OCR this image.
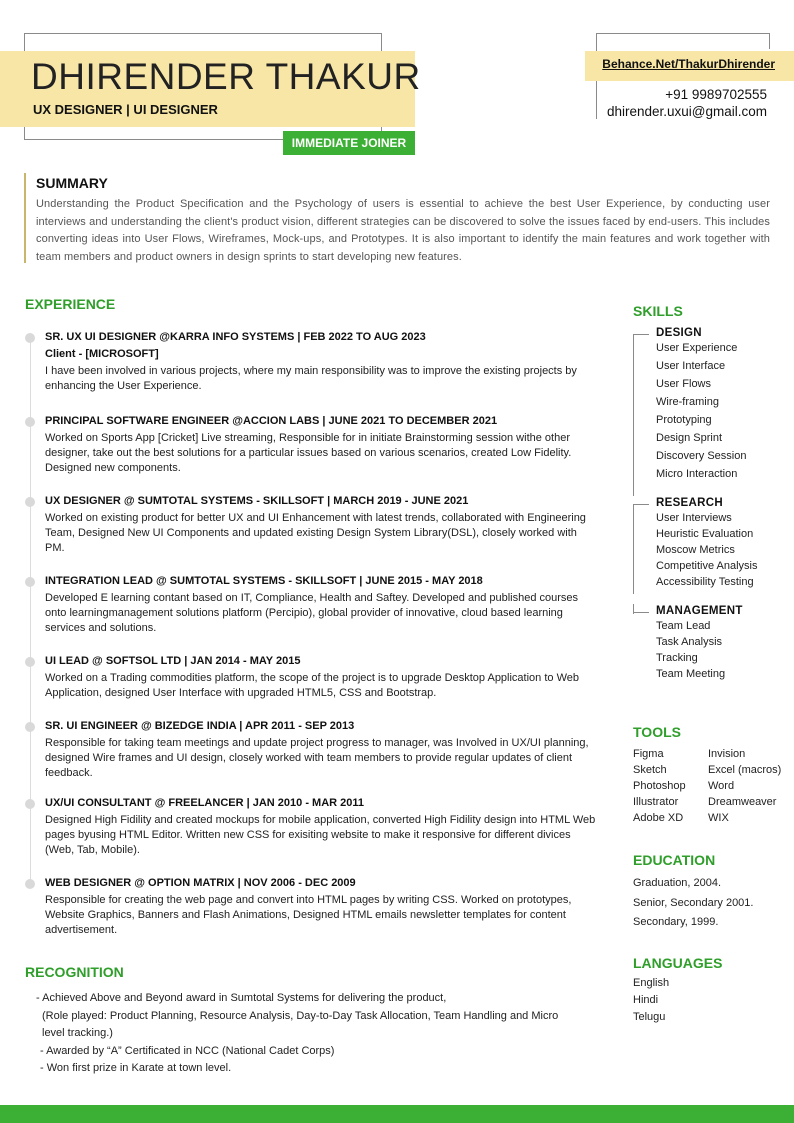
DHIRENDER THAKUR
UX DESIGNER | UI DESIGNER
IMMEDIATE JOINER
Behance.Net/ThakurDhirender
+91 9989702555
dhirender.uxui@gmail.com
SUMMARY

Understanding the Product Specification and the Psychology of users is essential to achieve the best User Experience, by conducting user interviews and understanding the client's product vision, different strategies can be discovered to solve the issues faced by end-users. This includes converting ideas into User Flows, Wireframes, Mock-ups, and Prototypes. It is also important to identify the main features and work together with team members and product owners in design sprints to start developing new features.

EXPERIENCE
SR. UX UI DESIGNER @KARRA INFO SYSTEMS | FEB 2022 TO AUG 2023
Client - [MICROSOFT]
I have been involved in various projects, where my main responsibility was to improve the existing projects by enhancing the User Experience.
PRINCIPAL SOFTWARE ENGINEER @ACCION LABS | JUNE 2021 TO DECEMBER 2021
Worked on Sports App [Cricket] Live streaming, Responsible for in initiate Brainstorming session withe other designer, take out the best solutions for a particular issues based on various scenarios, created Low Fidelity. Designed new components.
UX DESIGNER @ SUMTOTAL SYSTEMS - SKILLSOFT | MARCH 2019 - JUNE 2021
Worked on existing product for better UX and UI Enhancement with latest trends, collaborated with Engineering Team, Designed New UI Components and updated existing Design System Library(DSL), closely worked with PM.
INTEGRATION LEAD @ SUMTOTAL SYSTEMS - SKILLSOFT | JUNE 2015 - MAY 2018
Developed E learning contant based on IT, Compliance, Health and Saftey. Developed and published courses onto learningmanagement solutions platform (Percipio), global provider of innovative, cloud based learning services and solutions.
UI LEAD @ SOFTSOL LTD | JAN 2014 - MAY 2015
Worked on a Trading commodities platform, the scope of the project is to upgrade Desktop Application to Web Application, designed User Interface with upgraded HTML5, CSS and Bootstrap.
SR. UI ENGINEER @ BIZEDGE INDIA | APR 2011 - SEP 2013
Responsible for taking team meetings and update project progress to manager, was Involved in UX/UI planning, designed Wire frames and UI design, closely worked with team members to provide regular updates of client feedback.
UX/UI CONSULTANT @ FREELANCER | JAN 2010 - MAR 2011
Designed High Fidility and created mockups for mobile application, converted High Fidility design into HTML Web pages byusing HTML Editor. Written new CSS for exisiting website to make it responsive for different divices (Web, Tab, Mobile).
WEB DESIGNER @ OPTION MATRIX | NOV 2006 - DEC 2009
Responsible for creating the web page and convert into HTML pages by writing CSS. Worked on prototypes, Website Graphics, Banners and Flash Animations, Designed HTML emails newsletter templates for content advertisement.
RECOGNITION
- Achieved Above and Beyond award in Sumtotal Systems for delivering the product,
(Role played: Product Planning, Resource Analysis, Day-to-Day Task Allocation, Team Handling and Micro
level tracking.)
- Awarded by “A” Certificated in NCC (National Cadet Corps)
- Won first prize in Karate at town level.
SKILLS
DESIGN
User Experience
User Interface
User Flows
Wire-framing
Prototyping
Design Sprint
Discovery Session
Micro Interaction
RESEARCH
User Interviews
Heuristic Evaluation
Moscow Metrics
Competitive Analysis
Accessibility Testing
MANAGEMENT
Team Lead
Task Analysis
Tracking
Team Meeting
TOOLS
Figma	Invision
Sketch	Excel (macros)
Photoshop	Word
Illustrator	Dreamweaver
Adobe XD	WIX
EDUCATION
Graduation, 2004.
Senior, Secondary 2001.
Secondary, 1999.
LANGUAGES
English
Hindi
Telugu
